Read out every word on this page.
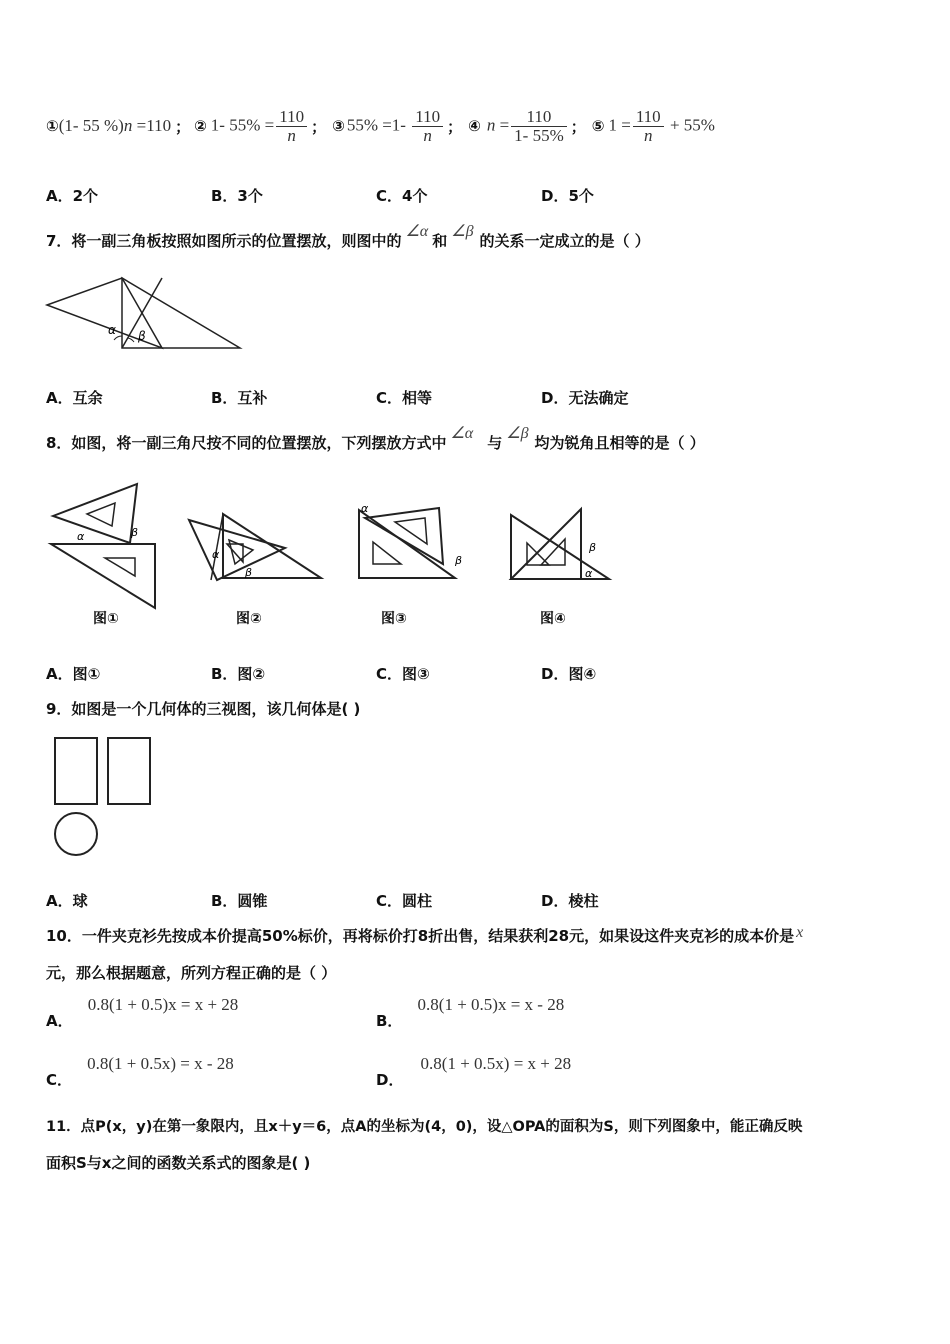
① (1- 55 %)n =110 ； ② 1- $55\% = \frac{110}{n}$ ； ③ $55\% =1- \frac{110}{n}$ ； ④ $n = \frac{110}{1- 55\%}$ ； ⑤ $1 = \frac{110}{n} + 55\%$
A．2个	B．3个	C．4个	D．5个
7．将一副三角板按照如图所示的位置摆放，则图中的∠α和∠β的关系一定成立的是（ ）
α β
A．互余	B．互补	C．相等	D．无法确定
8．如图，将一副三角尺按不同的位置摆放，下列摆放方式中∠α与∠β均为锐角且相等的是（ ）
α	β
图①
α
β
图②
α
β
图③
β
α
图④
A．图①	B．图②	C．图③	D．图④
9．如图是一个几何体的三视图，该几何体是( )
A．球	B．圆锥	C．圆柱	D．棱柱
10．一件夹克衫先按成本价提高50%标价，再将标价打8折出售，结果获利28元，如果设这件夹克衫的成本价是 x
元，那么根据题意，所列方程正确的是（ ）
A． 0.8(1 + 0.5)x = x + 28
B． 0.8(1 + 0.5)x = x - 28
C． 0.8(1 + 0.5x) = x - 28
D． 0.8(1 + 0.5x) = x + 28
11．点P(x，y)在第一象限内，且x＋y＝6，点A的坐标为(4，0)，设△OPA的面积为S，则下列图象中，能正确反映
面积S与x之间的函数关系式的图象是( )
